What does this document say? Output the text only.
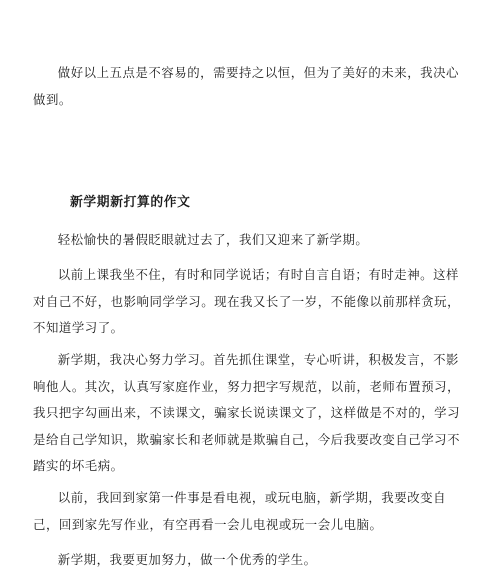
做好以上五点是不容易的，需要持之以恒，但为了美好的未来，我决心做到。

新学期新打算的作文

轻松愉快的暑假眨眼就过去了，我们又迎来了新学期。

以前上课我坐不住，有时和同学说话；有时自言自语；有时走神。这样对自己不好，也影响同学学习。现在我又长了一岁，不能像以前那样贪玩，不知道学习了。

新学期，我决心努力学习。首先抓住课堂，专心听讲，积极发言，不影响他人。其次，认真写家庭作业，努力把字写规范，以前，老师布置预习，我只把字勾画出来，不读课文，骗家长说读课文了，这样做是不对的，学习是给自己学知识，欺骗家长和老师就是欺骗自己，今后我要改变自己学习不踏实的坏毛病。

以前，我回到家第一件事是看电视，或玩电脑，新学期，我要改变自己，回到家先写作业，有空再看一会儿电视或玩一会儿电脑。

新学期，我要更加努力，做一个优秀的学生。
